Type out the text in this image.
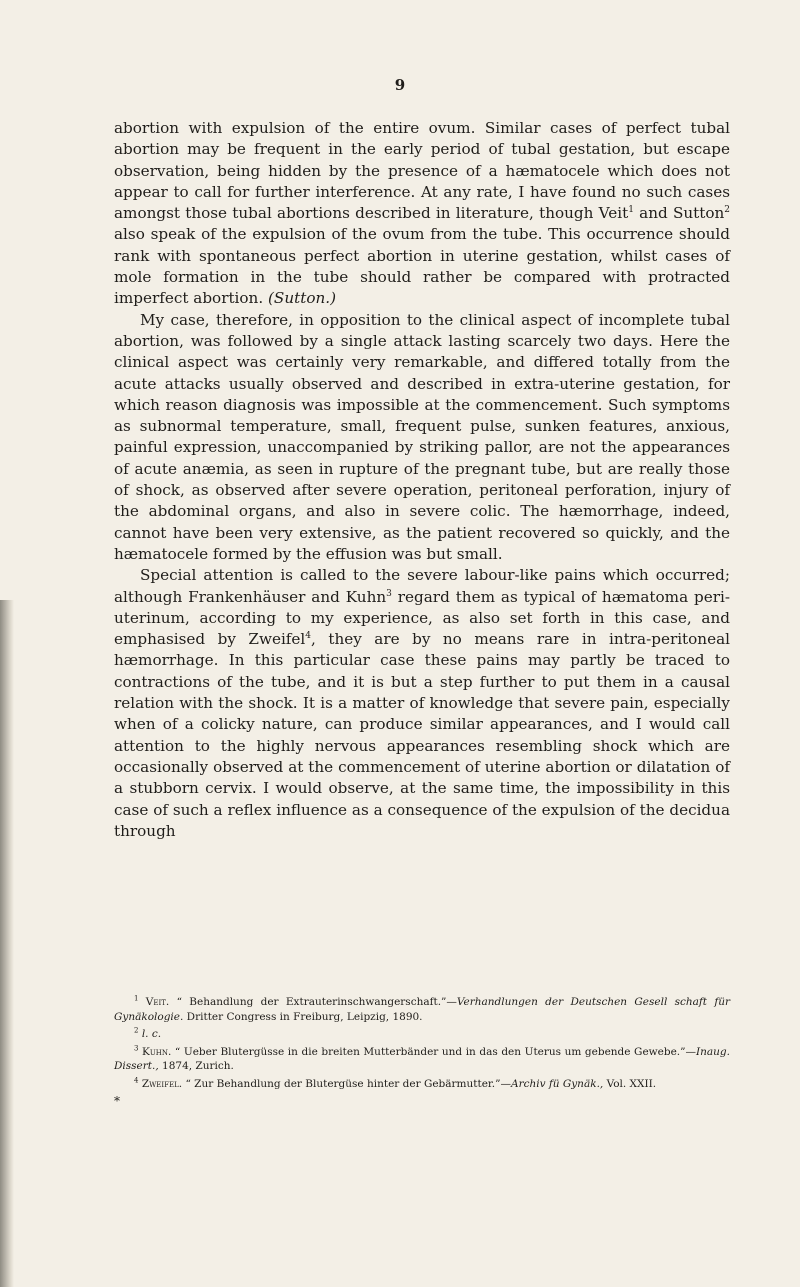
9

abortion with expulsion of the entire ovum. Similar cases of perfect tubal abortion may be frequent in the early period of tubal gestation, but escape observation, being hidden by the presence of a hæmatocele which does not appear to call for further interference. At any rate, I have found no such cases amongst those tubal abortions described in literature, though Veit$^1$ and Sutton$^2$ also speak of the expulsion of the ovum from the tube. This occurrence should rank with spontaneous perfect abortion in uterine gestation, whilst cases of mole formation in the tube should rather be compared with protracted imperfect abortion. (Sutton.)

My case, therefore, in opposition to the clinical aspect of incomplete tubal abortion, was followed by a single attack lasting scarcely two days. Here the clinical aspect was certainly very remarkable, and differed totally from the acute attacks usually observed and described in extra-uterine gestation, for which reason diagnosis was impossible at the commencement. Such symptoms as subnormal temperature, small, frequent pulse, sunken features, anxious, painful expression, unaccompanied by striking pallor, are not the appearances of acute anæmia, as seen in rupture of the pregnant tube, but are really those of shock, as observed after severe operation, peritoneal perforation, injury of the abdominal organs, and also in severe colic. The hæmorrhage, indeed, cannot have been very extensive, as the patient recovered so quickly, and the hæmatocele formed by the effusion was but small.

Special attention is called to the severe labour-like pains which occurred; although Frankenhäuser and Kuhn$^3$ regard them as typical of hæmatoma peri-uterinum, according to my experience, as also set forth in this case, and emphasised by Zweifel$^4$, they are by no means rare in intra-peritoneal hæmorrhage. In this particular case these pains may partly be traced to contractions of the tube, and it is but a step further to put them in a causal relation with the shock. It is a matter of knowledge that severe pain, especially when of a colicky nature, can produce similar appearances, and I would call attention to the highly nervous appearances resembling shock which are occasionally observed at the commencement of uterine abortion or dilatation of a stubborn cervix. I would observe, at the same time, the impossibility in this case of such a reflex influence as a consequence of the expulsion of the decidua through

$^1$ Veit. “ Behandlung der Extrauterinschwangerschaft.”—Verhandlungen der Deutschen Gesell schaft für Gynäkologie. Dritter Congress in Freiburg, Leipzig, 1890.

$^2$ l. c.

$^3$ Kuhn. “ Ueber Blutergüsse in die breiten Mutterbänder und in das den Uterus um gebende Gewebe.”—Inaug. Dissert., 1874, Zurich.

$^4$ Zweifel. “ Zur Behandlung der Blutergüse hinter der Gebärmutter.”—Archiv fü Gynäk., Vol. XXII.

*
